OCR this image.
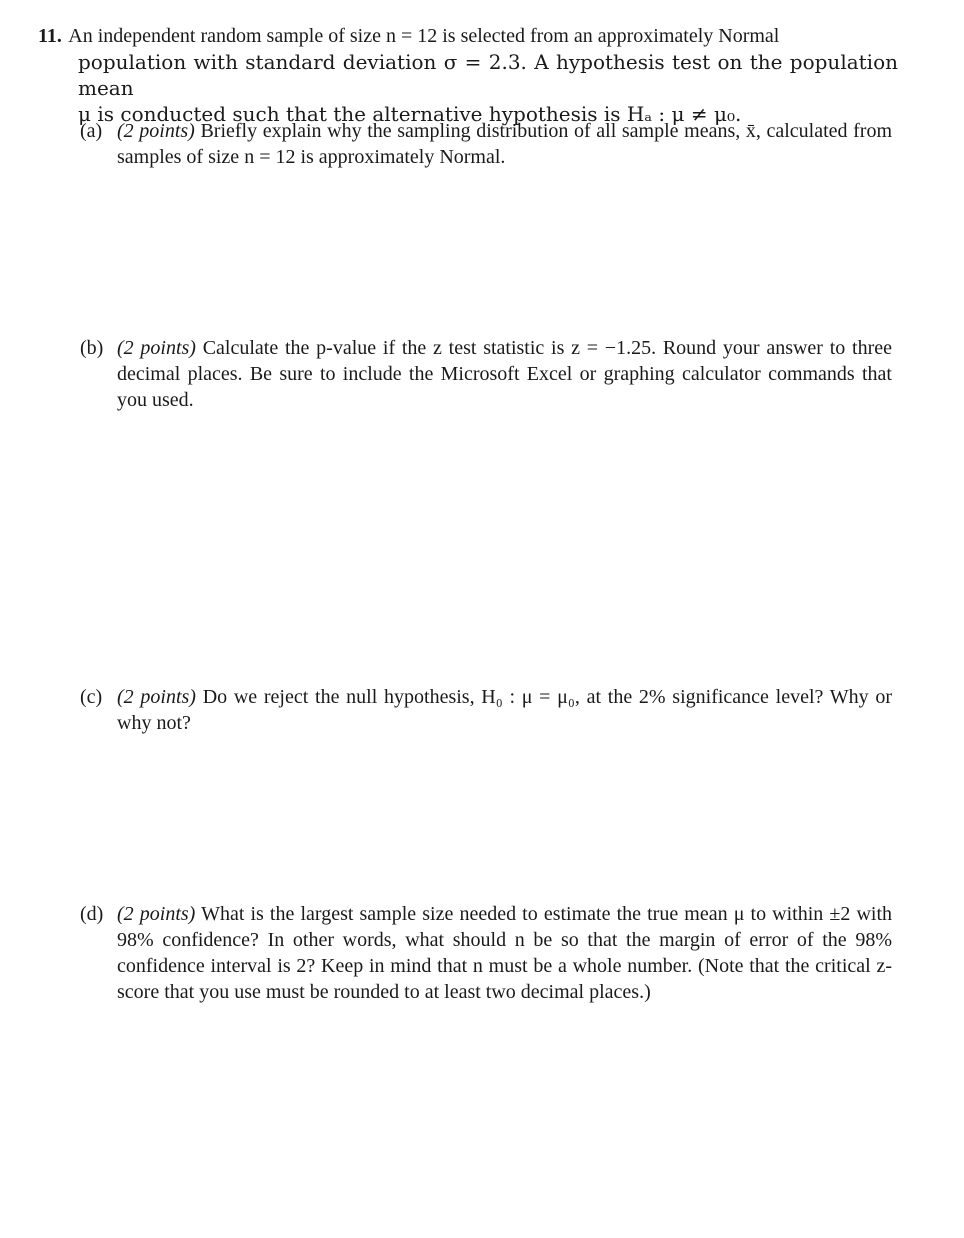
11. An independent random sample of size n = 12 is selected from an approximately Normal
population with standard deviation σ = 2.3. A hypothesis test on the population mean
μ is conducted such that the alternative hypothesis is Hₐ : μ ≠ μ₀.
(a) (2 points) Briefly explain why the sampling distribution of all sample means, x̄, calculated from samples of size n = 12 is approximately Normal.
(b) (2 points) Calculate the p-value if the z test statistic is z = −1.25. Round your answer to three decimal places. Be sure to include the Microsoft Excel or graphing calculator commands that you used.
(c) (2 points) Do we reject the null hypothesis, H₀ : μ = μ₀, at the 2% significance level? Why or why not?
(d) (2 points) What is the largest sample size needed to estimate the true mean μ to within ±2 with 98% confidence? In other words, what should n be so that the margin of error of the 98% confidence interval is 2? Keep in mind that n must be a whole number. (Note that the critical z-score that you use must be rounded to at least two decimal places.)
